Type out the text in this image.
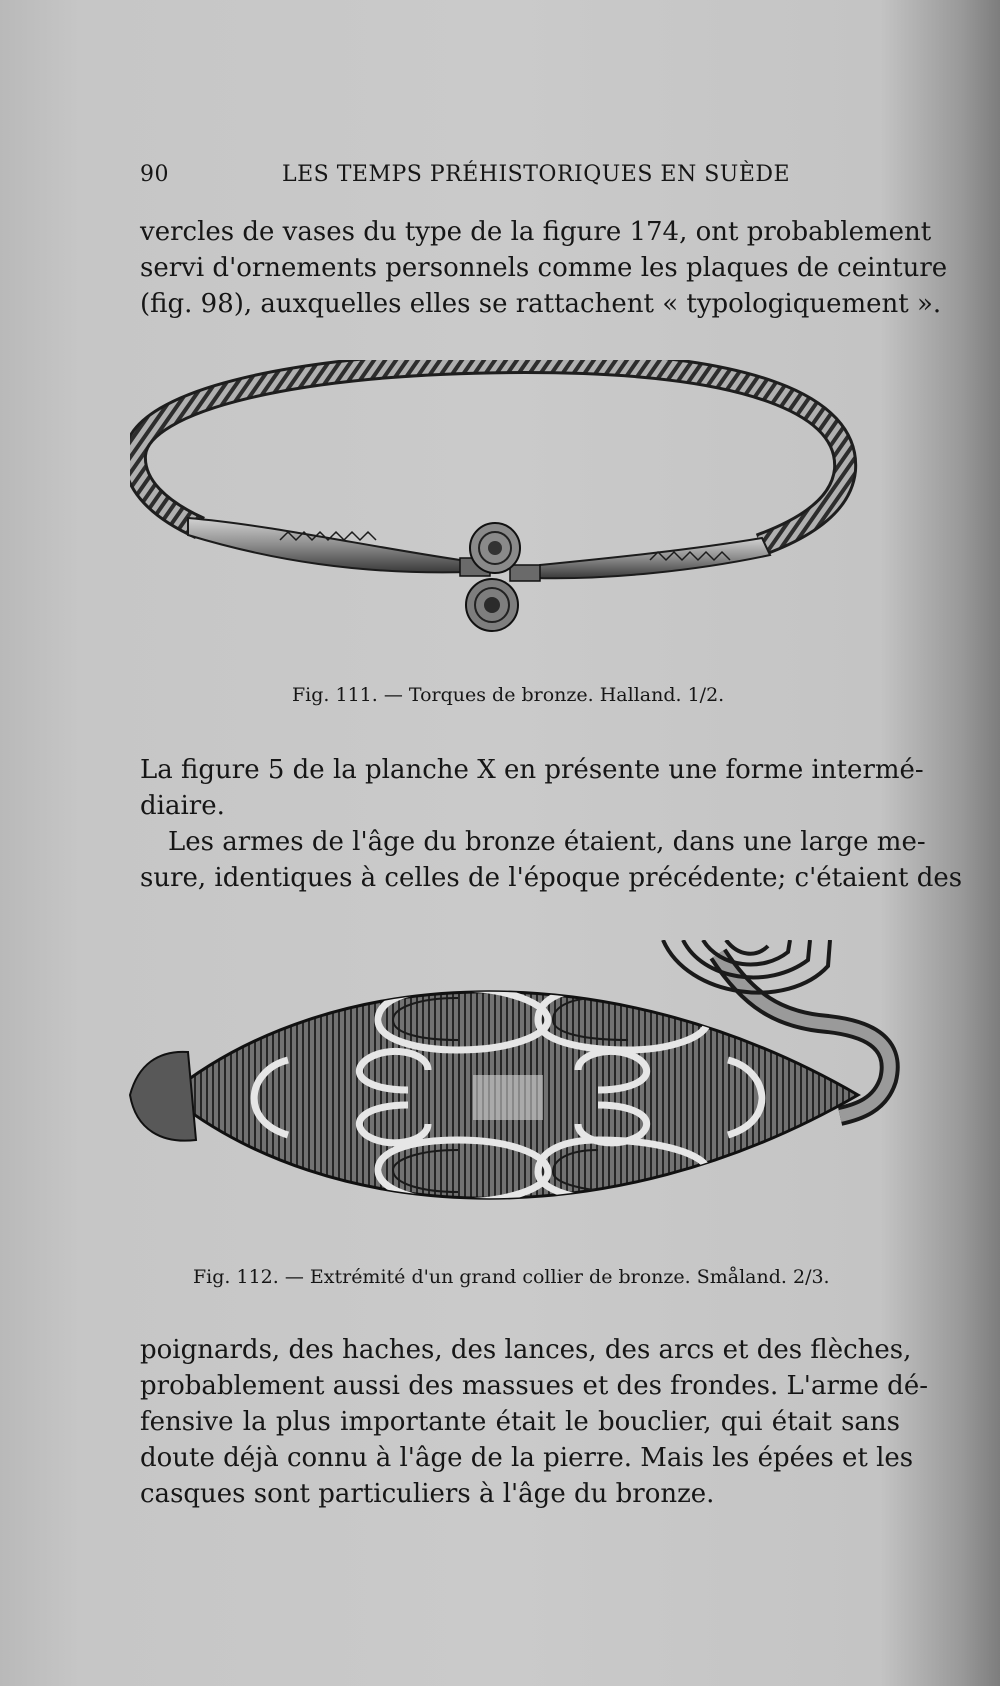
90	LES TEMPS PRÉHISTORIQUES EN SUÈDE

vercles de vases du type de la figure 174, ont probablement
servi d'ornements personnels comme les plaques de ceinture
(fig. 98), auxquelles elles se rattachent « typologiquement ».

Fig. 111. — Torques de bronze. Halland. 1/2.

La figure 5 de la planche X en présente une forme intermé-
diaire.

Les armes de l'âge du bronze étaient, dans une large me-
sure, identiques à celles de l'époque précédente; c'étaient des

Fig. 112. — Extrémité d'un grand collier de bronze. Småland. 2/3.

poignards, des haches, des lances, des arcs et des flèches,
probablement aussi des massues et des frondes. L'arme dé-
fensive la plus importante était le bouclier, qui était sans
doute déjà connu à l'âge de la pierre. Mais les épées et les
casques sont particuliers à l'âge du bronze.
